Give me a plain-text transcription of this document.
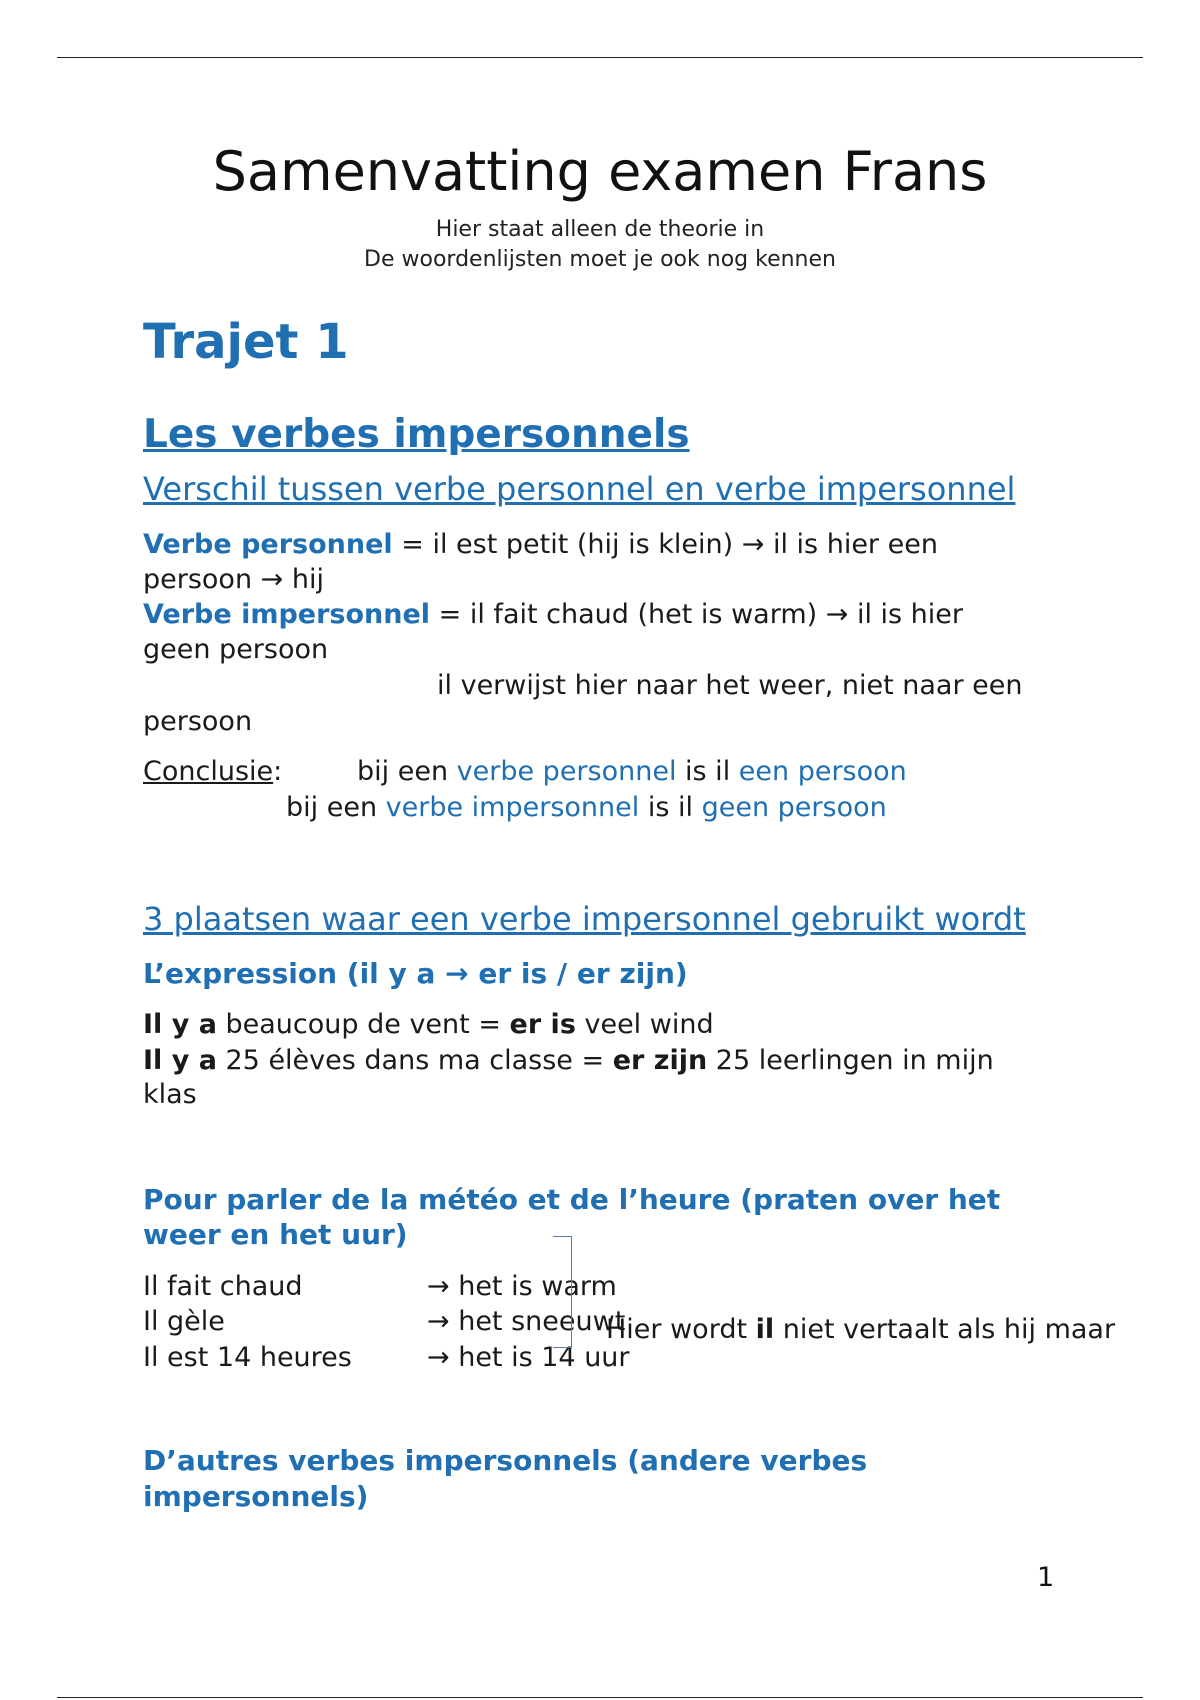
Samenvatting examen Frans
Hier staat alleen de theorie in
De woordenlijsten moet je ook nog kennen
Trajet 1
Les verbes impersonnels
Verschil tussen verbe personnel en verbe impersonnel
Verbe personnel = il est petit (hij is klein) → il is hier een
persoon → hij
Verbe impersonnel = il fait chaud (het is warm) → il is hier
geen persoon
il verwijst hier naar het weer, niet naar een
persoon
Conclusie:	bij een verbe personnel is il een persoon
bij een verbe impersonnel is il geen persoon
3 plaatsen waar een verbe impersonnel gebruikt wordt
L’expression (il y a → er is / er zijn)
Il y a beaucoup de vent = er is veel wind
Il y a 25 élèves dans ma classe = er zijn 25 leerlingen in mijn
klas
Pour parler de la météo et de l’heure (praten over het
weer en het uur)
Il fait chaud	→ het is warm
Il gèle	→ het sneeuwt
Il est 14 heures	→ het is 14 uur
Hier wordt il niet vertaalt als hij maar
D’autres verbes impersonnels (andere verbes
impersonnels)
1
